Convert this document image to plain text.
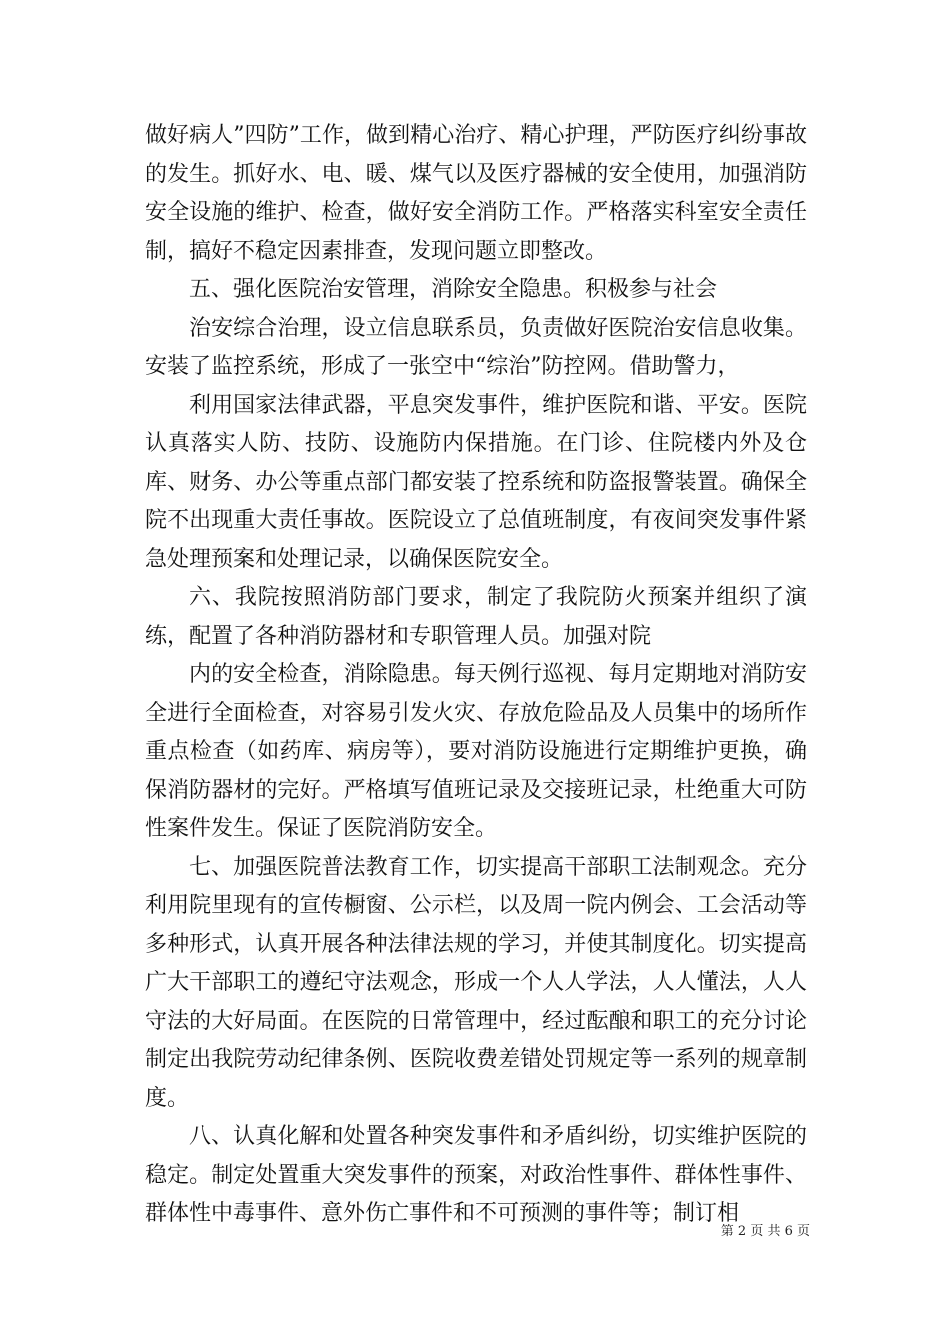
做好病人”四防”工作，做到精心治疗、精心护理，严防医疗纠纷事故的发生。抓好水、电、暖、煤气以及医疗器械的安全使用，加强消防安全设施的维护、检查，做好安全消防工作。严格落实科室安全责任制，搞好不稳定因素排查，发现问题立即整改。

五、强化医院治安管理，消除安全隐患。积极参与社会

治安综合治理，设立信息联系员，负责做好医院治安信息收集。安装了监控系统，形成了一张空中“综治”防控网。借助警力，

利用国家法律武器，平息突发事件，维护医院和谐、平安。医院认真落实人防、技防、设施防内保措施。在门诊、住院楼内外及仓库、财务、办公等重点部门都安装了控系统和防盗报警装置。确保全院不出现重大责任事故。医院设立了总值班制度，有夜间突发事件紧急处理预案和处理记录，以确保医院安全。

六、我院按照消防部门要求，制定了我院防火预案并组织了演练，配置了各种消防器材和专职管理人员。加强对院

内的安全检查，消除隐患。每天例行巡视、每月定期地对消防安全进行全面检查，对容易引发火灾、存放危险品及人员集中的场所作重点检查（如药库、病房等），要对消防设施进行定期维护更换，确保消防器材的完好。严格填写值班记录及交接班记录，杜绝重大可防性案件发生。保证了医院消防安全。

七、加强医院普法教育工作，切实提高干部职工法制观念。充分利用院里现有的宣传橱窗、公示栏，以及周一院内例会、工会活动等多种形式，认真开展各种法律法规的学习，并使其制度化。切实提高广大干部职工的遵纪守法观念，形成一个人人学法，人人懂法，人人守法的大好局面。在医院的日常管理中，经过酝酿和职工的充分讨论制定出我院劳动纪律条例、医院收费差错处罚规定等一系列的规章制度。

八、认真化解和处置各种突发事件和矛盾纠纷，切实维护医院的稳定。制定处置重大突发事件的预案，对政治性事件、群体性事件、群体性中毒事件、意外伤亡事件和不可预测的事件等；制订相

第 2 页 共 6 页
